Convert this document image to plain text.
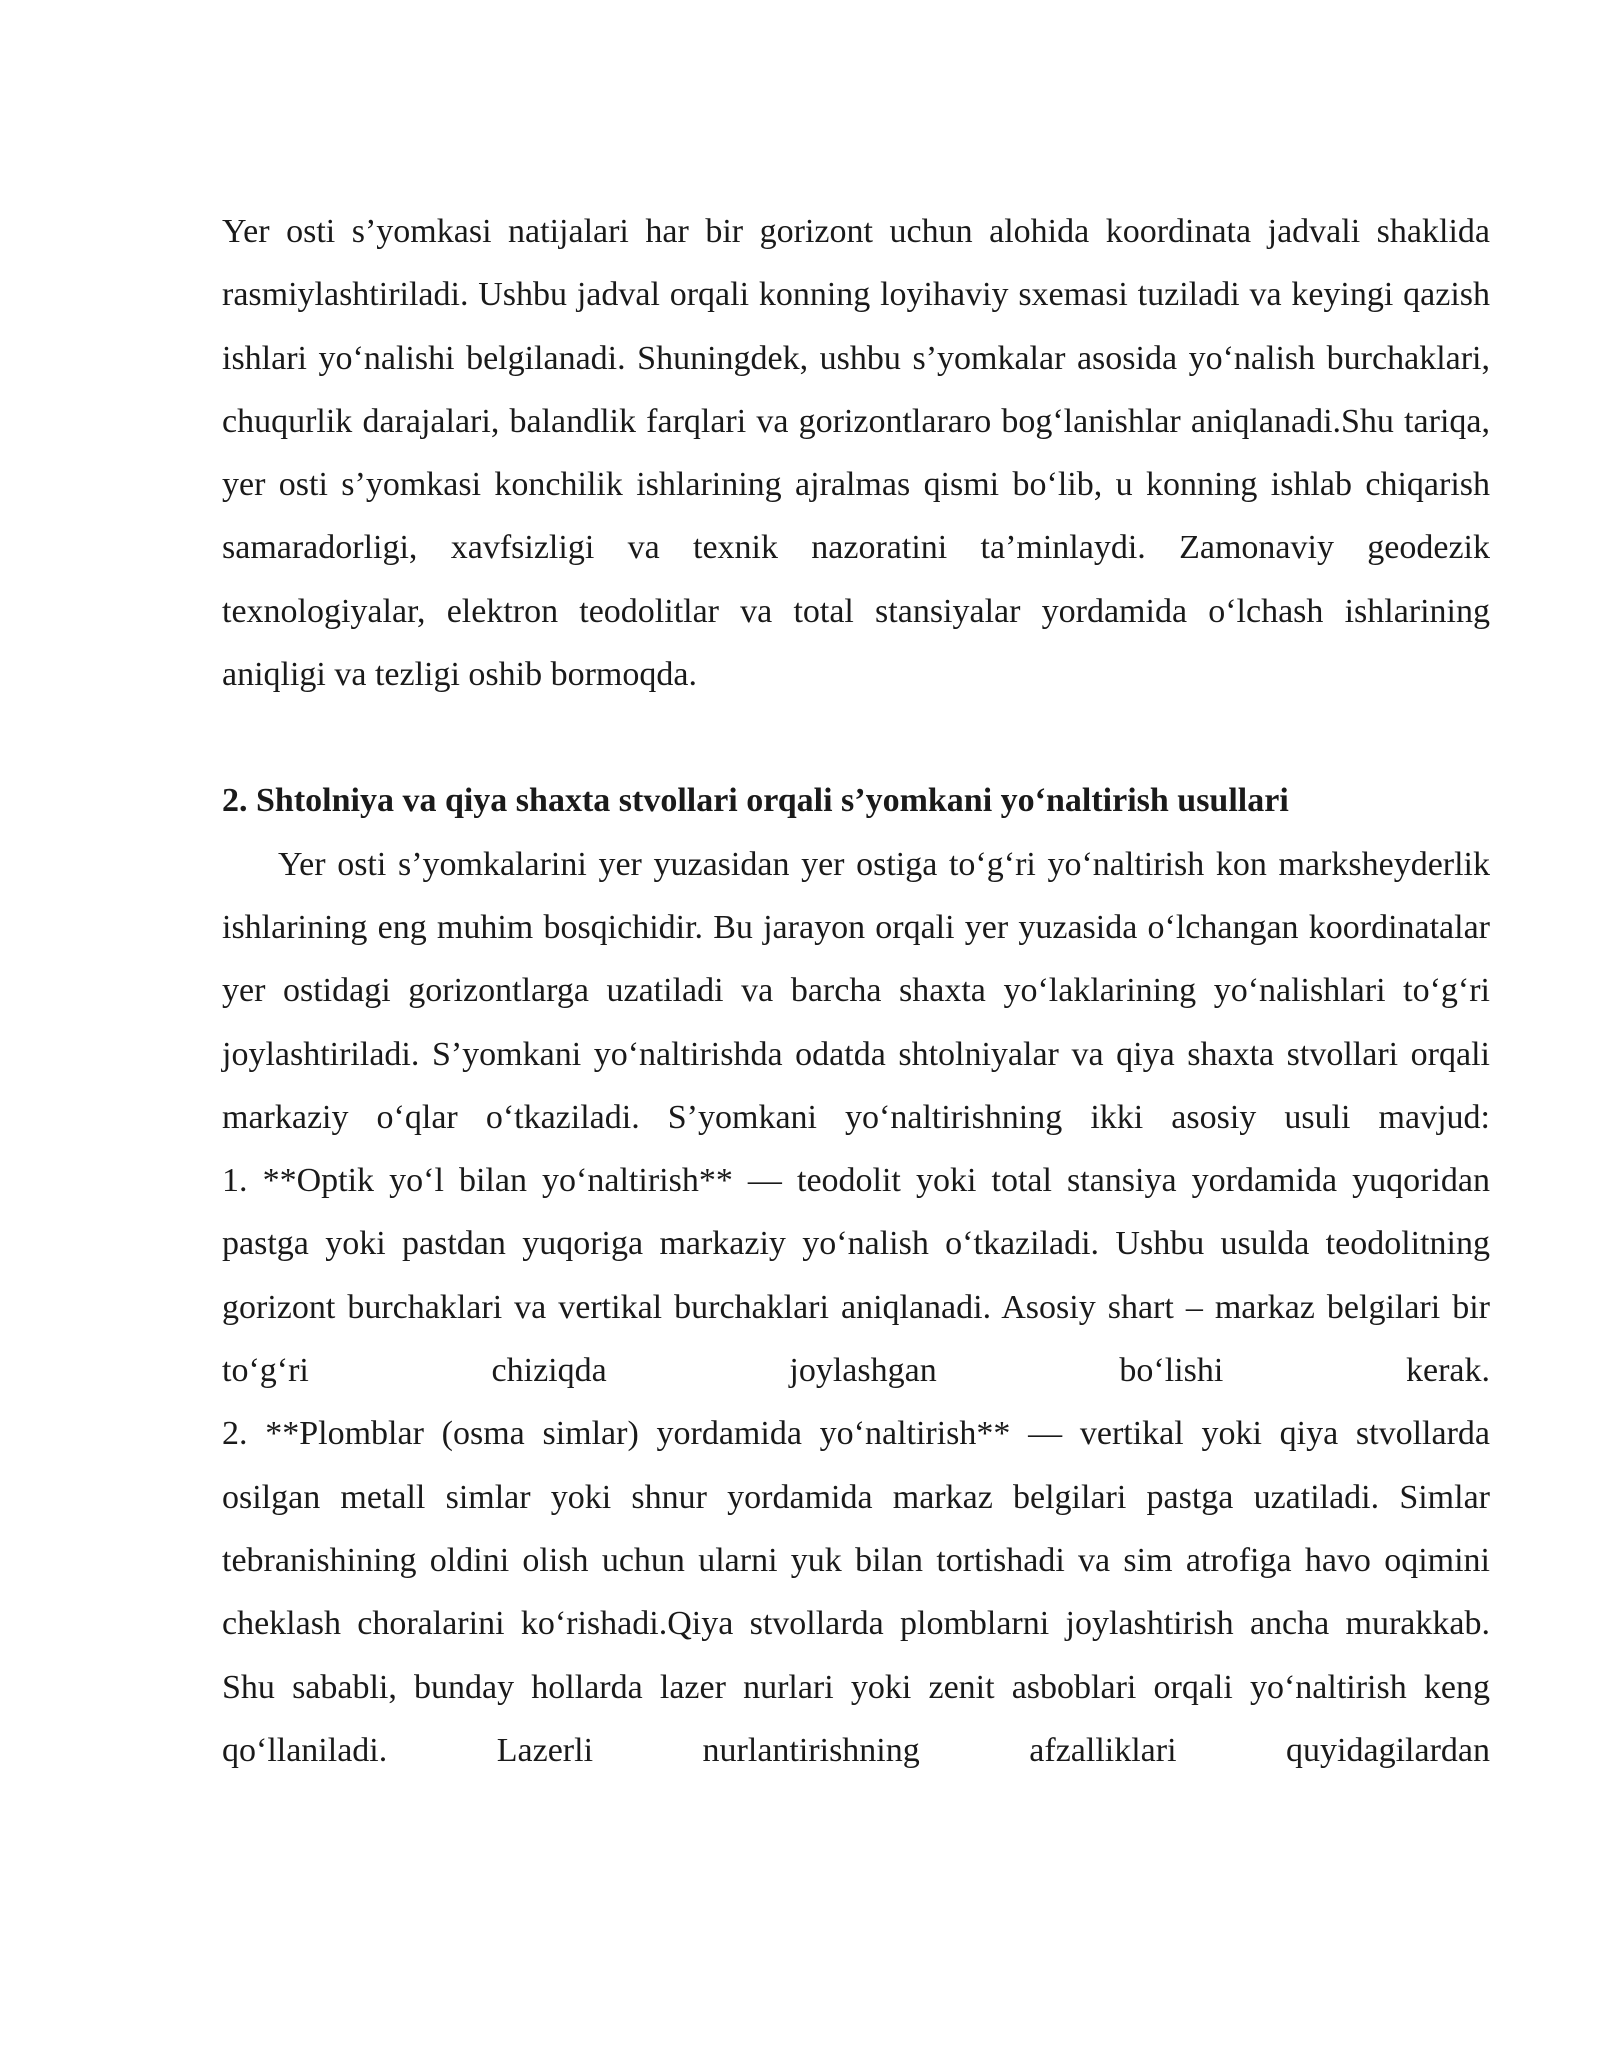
Yer osti s’yomkasi natijalari har bir gorizont uchun alohida koordinata jadvali shaklida rasmiylashtiriladi. Ushbu jadval orqali konning loyihaviy sxemasi tuziladi va keyingi qazish ishlari yo‘nalishi belgilanadi. Shuningdek, ushbu s’yomkalar asosida yo‘nalish burchaklari, chuqurlik darajalari, balandlik farqlari va gorizontlararo bog‘lanishlar aniqlanadi.Shu tariqa, yer osti s’yomkasi konchilik ishlarining ajralmas qismi bo‘lib, u konning ishlab chiqarish samaradorligi, xavfsizligi va texnik nazoratini ta’minlaydi. Zamonaviy geodezik texnologiyalar, elektron teodolitlar va total stansiyalar yordamida o‘lchash ishlarining aniqligi va tezligi oshib bormoqda.

2. Shtolniya va qiya shaxta stvollari orqali s’yomkani yo‘naltirish usullari

Yer osti s’yomkalarini yer yuzasidan yer ostiga to‘g‘ri yo‘naltirish kon marksheyderlik ishlarining eng muhim bosqichidir. Bu jarayon orqali yer yuzasida o‘lchangan koordinatalar yer ostidagi gorizontlarga uzatiladi va barcha shaxta yo‘laklarining yo‘nalishlari to‘g‘ri joylashtiriladi. S’yomkani yo‘naltirishda odatda shtolniyalar va qiya shaxta stvollari orqali markaziy o‘qlar o‘tkaziladi. S’yomkani yo‘naltirishning ikki asosiy usuli mavjud:

1. **Optik yo‘l bilan yo‘naltirish** — teodolit yoki total stansiya yordamida yuqoridan pastga yoki pastdan yuqoriga markaziy yo‘nalish o‘tkaziladi. Ushbu usulda teodolitning gorizont burchaklari va vertikal burchaklari aniqlanadi. Asosiy shart – markaz belgilari bir to‘g‘ri chiziqda joylashgan bo‘lishi kerak.

2. **Plomblar (osma simlar) yordamida yo‘naltirish** — vertikal yoki qiya stvollarda osilgan metall simlar yoki shnur yordamida markaz belgilari pastga uzatiladi. Simlar tebranishining oldini olish uchun ularni yuk bilan tortishadi va sim atrofiga havo oqimini cheklash choralarini ko‘rishadi.Qiya stvollarda plomblarni joylashtirish ancha murakkab. Shu sababli, bunday hollarda lazer nurlari yoki zenit asboblari orqali yo‘naltirish keng qo‘llaniladi. Lazerli nurlantirishning afzalliklari quyidagilardan
